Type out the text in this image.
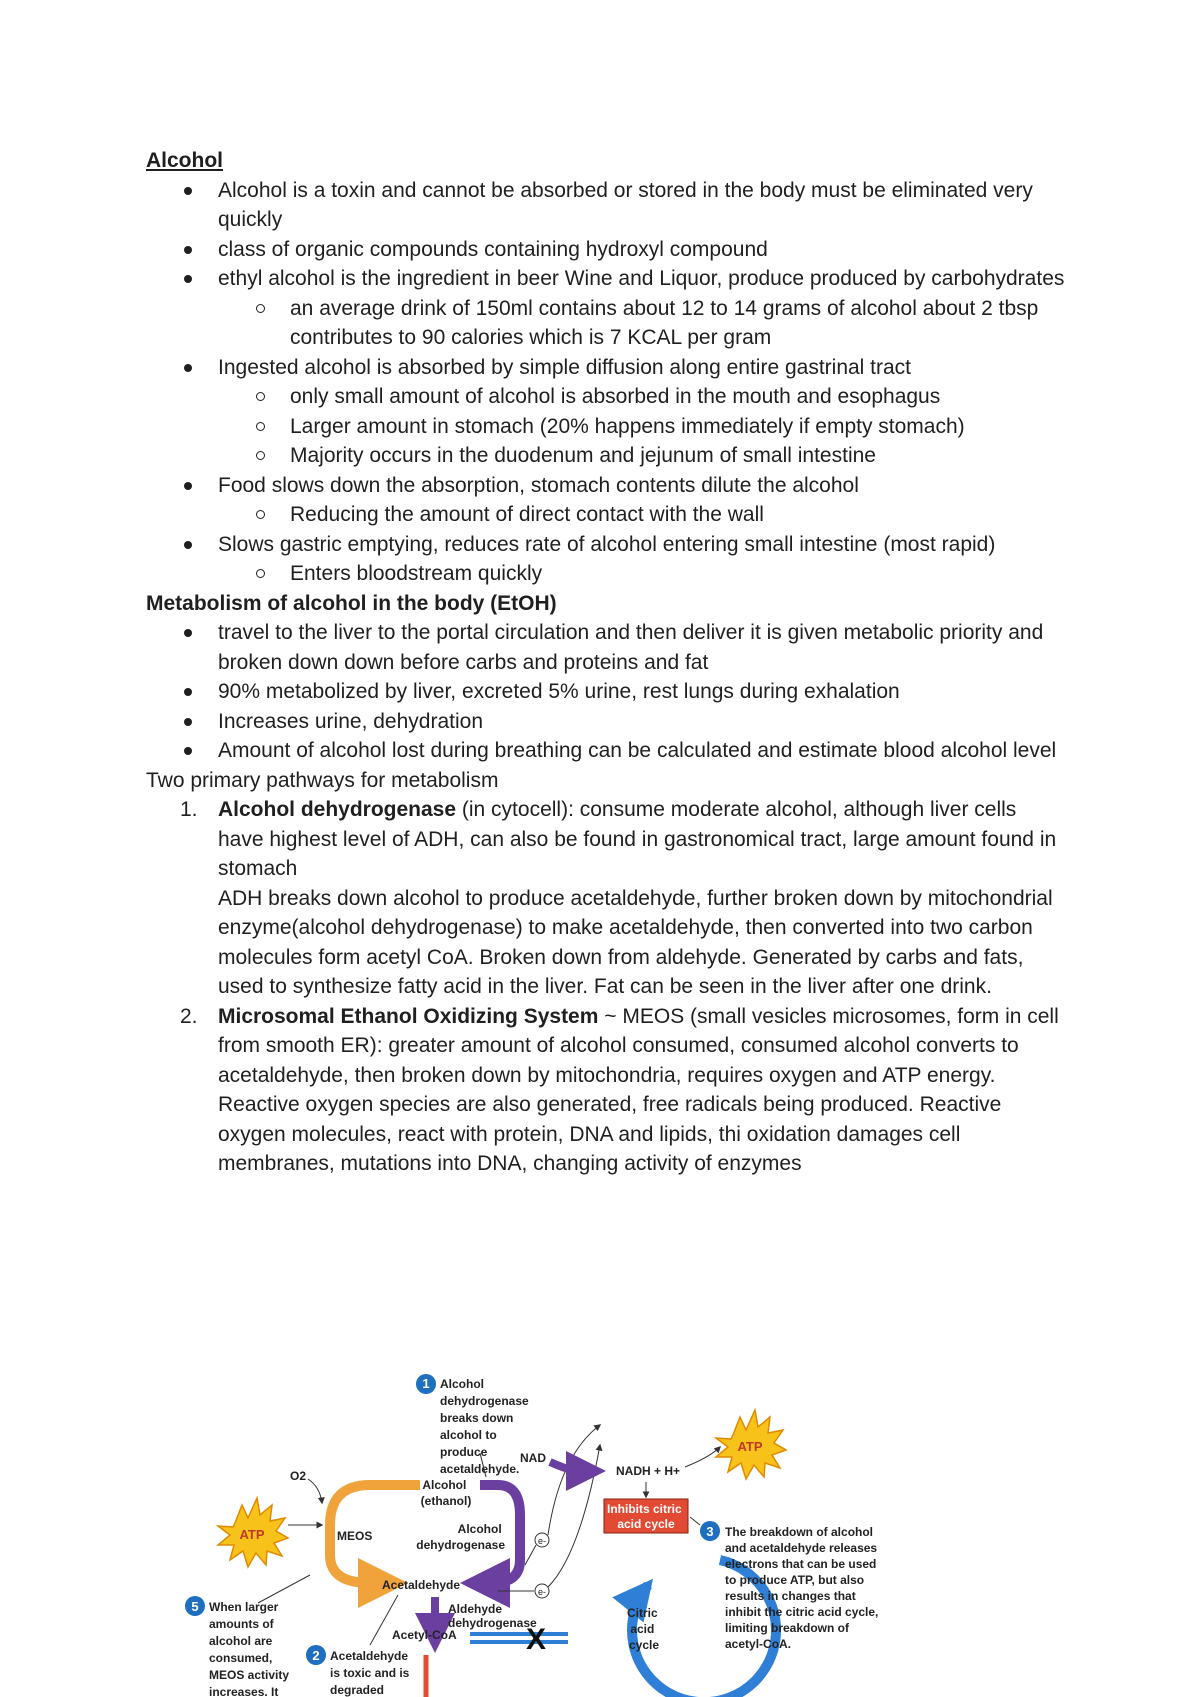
Alcohol
Alcohol is a toxin and cannot be absorbed or stored in the body must be eliminated very quickly
class of organic compounds containing hydroxyl compound
ethyl alcohol is the ingredient in beer Wine and Liquor, produce produced by carbohydrates
an average drink of 150ml contains about 12 to 14 grams of alcohol about 2 tbsp contributes to 90 calories which is 7 KCAL per gram
Ingested alcohol is absorbed by simple diffusion along entire gastrinal tract
only small amount of alcohol is absorbed in the mouth and esophagus
Larger amount in stomach (20% happens immediately if empty stomach)
Majority occurs in the duodenum and jejunum of small intestine
Food slows down the absorption, stomach contents dilute the alcohol
Reducing the amount of direct contact with the wall
Slows gastric emptying, reduces rate of alcohol entering small intestine (most rapid)
Enters bloodstream quickly
Metabolism of alcohol in the body (EtOH)
travel to the liver to the portal circulation and then deliver it is given metabolic priority and broken down down before carbs and proteins and fat
90% metabolized by liver, excreted 5% urine, rest lungs during exhalation
Increases urine, dehydration
Amount of alcohol lost during breathing can be calculated and estimate blood alcohol level
Two primary pathways for metabolism
1. Alcohol dehydrogenase (in cytocell): consume moderate alcohol, although liver cells have highest level of ADH, can also be found in gastronomical tract, large amount found in stomach

ADH breaks down alcohol to produce acetaldehyde, further broken down by mitochondrial enzyme(alcohol dehydrogenase) to make acetaldehyde, then converted into two carbon molecules form acetyl CoA. Broken down from aldehyde. Generated by carbs and fats, used to synthesize fatty acid in the liver. Fat can be seen in the liver after one drink.

2. Microsomal Ethanol Oxidizing System ~ MEOS (small vesicles microsomes, form in cell from smooth ER): greater amount of alcohol consumed, consumed alcohol converts to acetaldehyde, then broken down by mitochondria, requires oxygen and ATP energy. Reactive oxygen species are also generated, free radicals being produced. Reactive oxygen molecules, react with protein, DNA and lipids, thi oxidation damages cell membranes, mutations into DNA, changing activity of enzymes
1 Alcohol dehydrogenase breaks down alcohol to produce acetaldehyde.
ATP
ATP
O2
MEOS
Alcohol (ethanol)
Alcohol dehydrogenase
Acetaldehyde
Aldehyde dehydrogenase
Acetyl-CoA
e-
e-
NAD
NADH + H+
Inhibits citric acid cycle
Citric acid cycle
X
3 The breakdown of alcohol and acetaldehyde releases electrons that can be used to produce ATP, but also results in changes that inhibit the citric acid cycle, limiting breakdown of acetyl-CoA.
5 When larger amounts of alcohol are consumed, MEOS activity increases. It
2 Acetaldehyde is toxic and is degraded
